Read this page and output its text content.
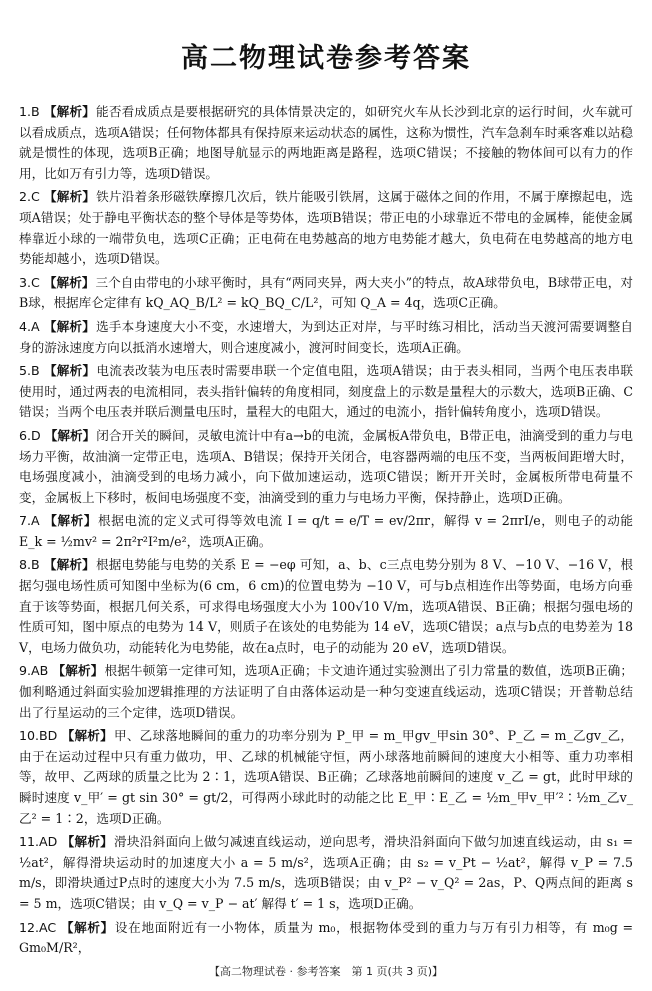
高二物理试卷参考答案

1.B 【解析】能否看成质点是要根据研究的具体情景决定的，如研究火车从长沙到北京的运行时间，火车就可以看成质点，选项A错误；任何物体都具有保持原来运动状态的属性，这称为惯性，汽车急刹车时乘客难以站稳就是惯性的体现，选项B正确；地图导航显示的两地距离是路程，选项C错误；不接触的物体间可以有力的作用，比如万有引力等，选项D错误。

2.C 【解析】铁片沿着条形磁铁摩擦几次后，铁片能吸引铁屑，这属于磁体之间的作用，不属于摩擦起电，选项A错误；处于静电平衡状态的整个导体是等势体，选项B错误；带正电的小球靠近不带电的金属棒，能使金属棒靠近小球的一端带负电，选项C正确；正电荷在电势越高的地方电势能才越大，负电荷在电势越高的地方电势能却越小，选项D错误。

3.C 【解析】三个自由带电的小球平衡时，具有“两同夹异，两大夹小”的特点，故A球带负电，B球带正电，对B球，根据库仑定律有 kQ_AQ_B/L² = kQ_BQ_C/L²，可知 Q_A = 4q，选项C正确。

4.A 【解析】选手本身速度大小不变，水速增大，为到达正对岸，与平时练习相比，活动当天渡河需要调整自身的游泳速度方向以抵消水速增大，则合速度减小，渡河时间变长，选项A正确。

5.B 【解析】电流表改装为电压表时需要串联一个定值电阻，选项A错误；由于表头相同，当两个电压表串联使用时，通过两表的电流相同，表头指针偏转的角度相同，刻度盘上的示数是量程大的示数大，选项B正确、C错误；当两个电压表并联后测量电压时，量程大的电阻大，通过的电流小，指针偏转角度小，选项D错误。

6.D 【解析】闭合开关的瞬间，灵敏电流计中有a→b的电流，金属板A带负电，B带正电，油滴受到的重力与电场力平衡，故油滴一定带正电，选项A、B错误；保持开关闭合，电容器两端的电压不变，当两板间距增大时，电场强度减小，油滴受到的电场力减小，向下做加速运动，选项C错误；断开开关时，金属板所带电荷量不变，金属板上下移时，板间电场强度不变，油滴受到的重力与电场力平衡，保持静止，选项D正确。

7.A 【解析】根据电流的定义式可得等效电流 I = q/t = e/T = ev/2πr，解得 v = 2πrI/e，则电子的动能 E_k = ½mv² = 2π²r²I²m/e²，选项A正确。

8.B 【解析】根据电势能与电势的关系 E = −eφ 可知，a、b、c三点电势分别为 8 V、−10 V、−16 V，根据匀强电场性质可知图中坐标为(6 cm，6 cm)的位置电势为 −10 V，可与b点相连作出等势面，电场方向垂直于该等势面，根据几何关系，可求得电场强度大小为 100√10 V/m，选项A错误、B正确；根据匀强电场的性质可知，图中原点的电势为 14 V，则质子在该处的电势能为 14 eV，选项C错误；a点与b点的电势差为 18 V，电场力做负功，动能转化为电势能，故在a点时，电子的动能为 20 eV，选项D错误。

9.AB 【解析】根据牛顿第一定律可知，选项A正确；卡文迪许通过实验测出了引力常量的数值，选项B正确；伽利略通过斜面实验加逻辑推理的方法证明了自由落体运动是一种匀变速直线运动，选项C错误；开普勒总结出了行星运动的三个定律，选项D错误。

10.BD 【解析】甲、乙球落地瞬间的重力的功率分别为 P_甲 = m_甲gv_甲sin 30°、P_乙 = m_乙gv_乙，由于在运动过程中只有重力做功，甲、乙球的机械能守恒，两小球落地前瞬间的速度大小相等、重力功率相等，故甲、乙两球的质量之比为 2∶1，选项A错误、B正确；乙球落地前瞬间的速度 v_乙 = gt，此时甲球的瞬时速度 v_甲′ = gt sin 30° = gt/2，可得两小球此时的动能之比 E_甲∶E_乙 = ½m_甲v_甲′²∶½m_乙v_乙² = 1∶2，选项D正确。

11.AD 【解析】滑块沿斜面向上做匀减速直线运动，逆向思考，滑块沿斜面向下做匀加速直线运动，由 s₁ = ½at²，解得滑块运动时的加速度大小 a = 5 m/s²，选项A正确；由 s₂ = v_Pt − ½at²，解得 v_P = 7.5 m/s，即滑块通过P点时的速度大小为 7.5 m/s，选项B错误；由 v_P² − v_Q² = 2as，P、Q两点间的距离 s = 5 m，选项C错误；由 v_Q = v_P − at′ 解得 t′ = 1 s，选项D正确。

12.AC 【解析】设在地面附近有一小物体，质量为 m₀，根据物体受到的重力与万有引力相等，有 m₀g = Gm₀M/R²，

【高二物理试卷 · 参考答案　第 1 页(共 3 页)】
